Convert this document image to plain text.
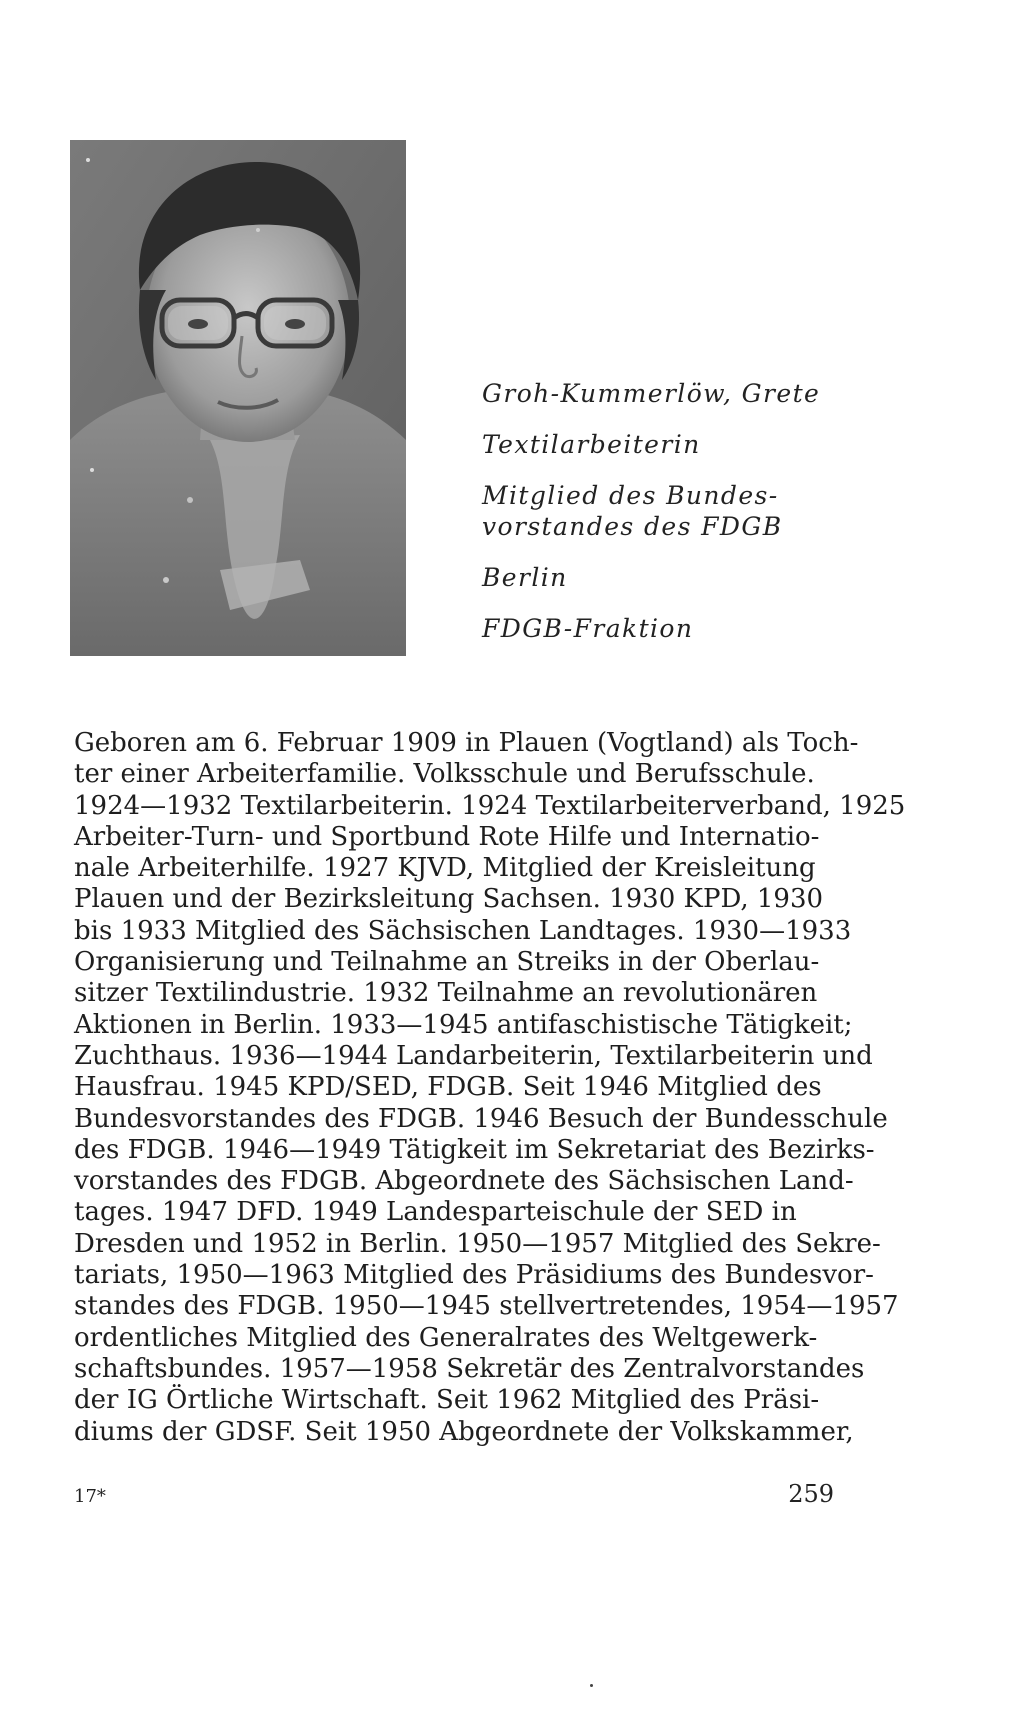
Groh-Kummerlöw, Grete
Textilarbeiterin
Mitglied des Bundes-
vorstandes des FDGB
Berlin
FDGB-Fraktion
Geboren am 6. Februar 1909 in Plauen (Vogtland) als Toch-
ter einer Arbeiterfamilie. Volksschule und Berufsschule.
1924—1932 Textilarbeiterin. 1924 Textilarbeiterverband, 1925
Arbeiter-Turn- und Sportbund Rote Hilfe und Internatio-
nale Arbeiterhilfe. 1927 KJVD, Mitglied der Kreisleitung
Plauen und der Bezirksleitung Sachsen. 1930 KPD, 1930
bis 1933 Mitglied des Sächsischen Landtages. 1930—1933
Organisierung und Teilnahme an Streiks in der Oberlau-
sitzer Textilindustrie. 1932 Teilnahme an revolutionären
Aktionen in Berlin. 1933—1945 antifaschistische Tätigkeit;
Zuchthaus. 1936—1944 Landarbeiterin, Textilarbeiterin und
Hausfrau. 1945 KPD/SED, FDGB. Seit 1946 Mitglied des
Bundesvorstandes des FDGB. 1946 Besuch der Bundesschule
des FDGB. 1946—1949 Tätigkeit im Sekretariat des Bezirks-
vorstandes des FDGB. Abgeordnete des Sächsischen Land-
tages. 1947 DFD. 1949 Landesparteischule der SED in
Dresden und 1952 in Berlin. 1950—1957 Mitglied des Sekre-
tariats, 1950—1963 Mitglied des Präsidiums des Bundesvor-
standes des FDGB. 1950—1945 stellvertretendes, 1954—1957
ordentliches Mitglied des Generalrates des Weltgewerk-
schaftsbundes. 1957—1958 Sekretär des Zentralvorstandes
der IG Örtliche Wirtschaft. Seit 1962 Mitglied des Präsi-
diums der GDSF. Seit 1950 Abgeordnete der Volkskammer,
17*	259
